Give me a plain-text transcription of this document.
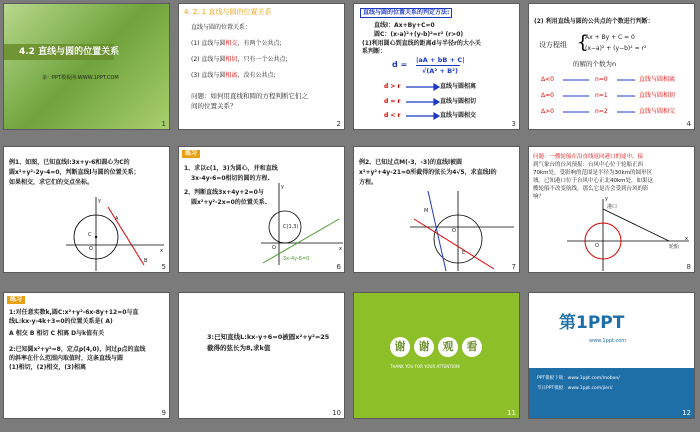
4.2 直线与圆的位置关系
第一PPT模板网-WWW.1PPT.COM
1
4. 2. 1 直线与圆的位置关系
直线与圆的位置关系：
(1) 直线与圆相交，有两个公共点;
(2) 直线与圆相切，只有一个公共点;
(3) 直线与圆相离，没有公共点;
问题：如何用直线和圆的方程判断它们之
间的位置关系？
2
直线与圆的位置关系的判定方法:
直线l：Ax+By+C=0
圆C：(x-a)²+(y-b)²=r² (r>0)
(1)利用圆心到直线的距离d与半径r的大小关
系判断：
d = |aA + bB + C|
√(A² + B²)
d > r	直线与圆相离
d = r	直线与圆相切
d < r	直线与圆相交
3
(2) 利用直线与圆的公共点的个数进行判断：
设方程组 {
Ax + By + C = 0
(x−a)² + (y−b)² = r²
的解的个数为n
Δ<0	n=0	直线与圆相离
Δ=0	n=1	直线与圆相切
Δ>0	n=2	直线与圆相交
4
例1、如图，已知直线l:3x+y-6和圆心为C的
圆x²+y²-2y-4=0，判断直线l与圆的位置关系；
如果相交，求它们的交点坐标。
C
O	x
y
A
B
5
练习
1、求以c(1，3)为圆心，并和直线
3x-4y-6=0相切的圆的方程.
2、判断直线3x+4y+2=0与
圆x²+y²-2x=0的位置关系.
y
x
O
C(1,3)
3x-4y-6=0
6
例2、已知过点M(-3，-3)的直线l被圆
x²+y²+4y-21=0所截得的弦长为4√5，求直线l的
方程。
M
E
O
7
问题：一艘轮船在沿直线返回港口的途中，接
到气象台的台风预报：台风中心位于轮船正西
70km处，受影响的范围是半径为30km的圆形区
域。已知港口位于台风中心正北40km处，如果这
艘轮船不改变航线，那么它是否会受到台风的影
响？
港口
轮船
O
x
y
8
练习
1:对任意实数k,圆C:x²+y²-6x-8y+12=0与直
线L:kx-y-4k+3=0的位置关系是( A)
A 相交 B 相切 C 相离 D与k值有关
2:已知圆x²+y²=8，定点p(4,0)，问过p点的直线
的斜率在什么范围内取值时，这条直线与圆
(1)相切，(2)相交，(3)相离
9
3:已知直线L:kx-y+6=0被圆x²+y²=25
截得的弦长为8,求k值
10
谢	谢	观	看
THANK YOU FOR YOUR ATTENTION!
11
第1PPT
www.1ppt.com
PPT模板下载：www.1ppt.com/moban/
节日PPT模板：www.1ppt.com/jieri/
12
